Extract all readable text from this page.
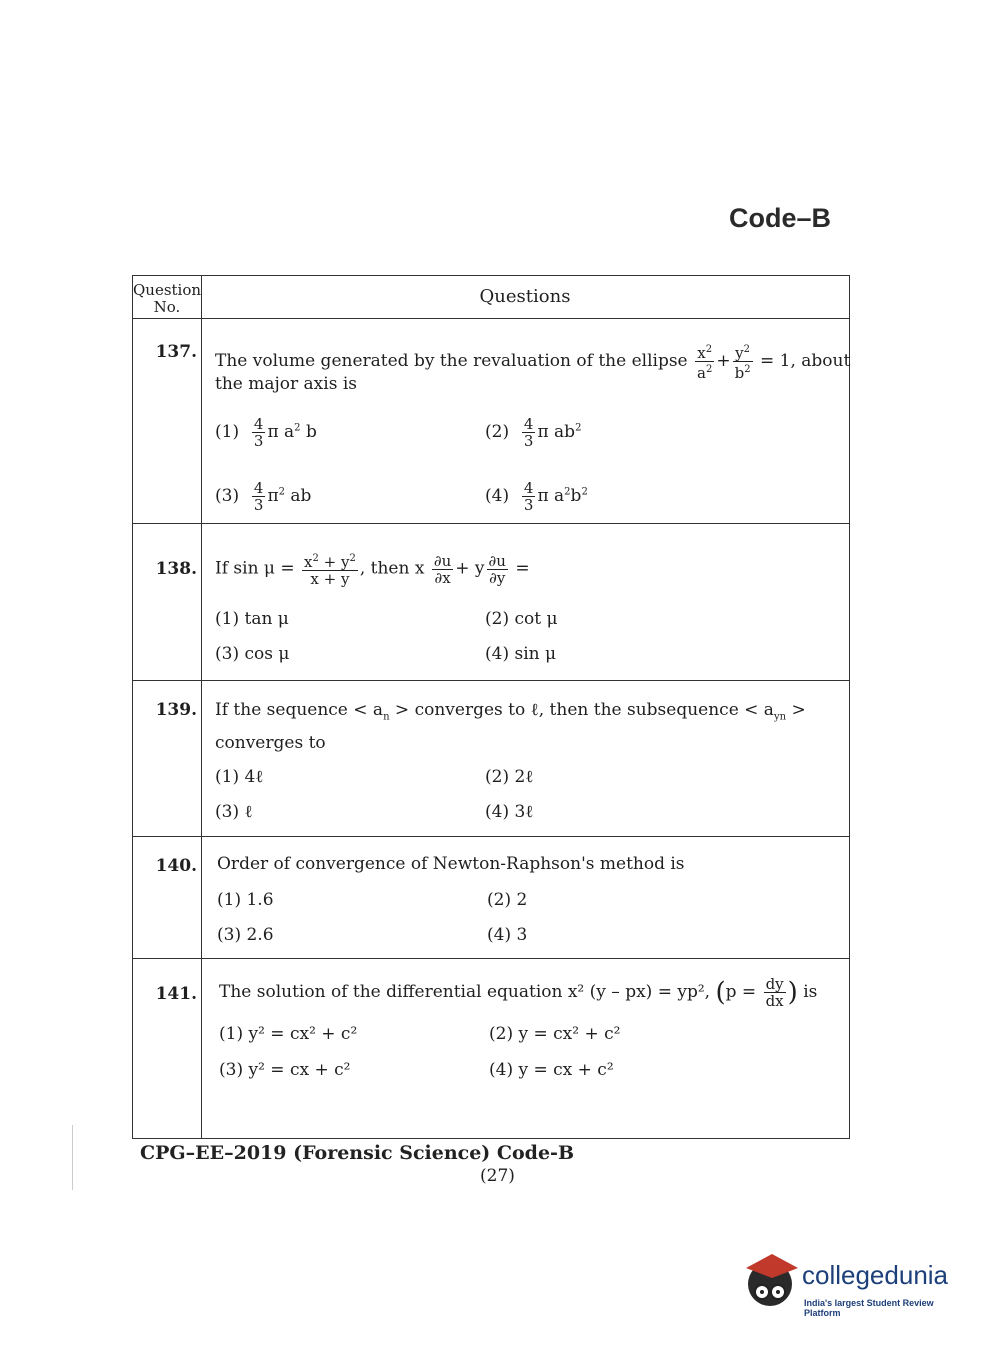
Code–B
Question
No.	Questions
137. The volume generated by the revaluation of the ellipse $\frac{x^2}{a^2} + \frac{y^2}{b^2} = 1$, about
the major axis is
$(1) \frac{4}{3}$ π $a^2$ b	$(2) \frac{4}{3}$ π $ab^2$
$(3) \frac{4}{3} \pi^2$ ab	$(4) \frac{4}{3}$ π $a^2b^2$
138. If $\sin \mu = \frac{x^2 + y^2}{x + y}$ , then x $\frac{\partial u}{\partial x} + y \frac{\partial u}{\partial y}$ =
(1) tan μ	(2) cot μ
(3) cos μ	(4) sin μ
139. If the sequence < $a_n$ > converges to ℓ, then the subsequence < $a_{yn}$ >
converges to
(1) 4ℓ	(2) 2ℓ
(3) ℓ	(4) 3ℓ
140. Order of convergence of Newton-Raphson's method is
(1) 1.6	(2) 2
(3) 2.6	(4) 3
141. The solution of the differential equation x² (y – px) = yp², ($p = \frac{dy}{dx}$ ) is
(1) y² = cx² + c²	(2) y = cx² + c²
(3) y² = cx + c²	(4) y = cx + c²
CPG–EE–2019 (Forensic Science) Code-B
(27)
collegedunia
India's largest Student Review Platform
